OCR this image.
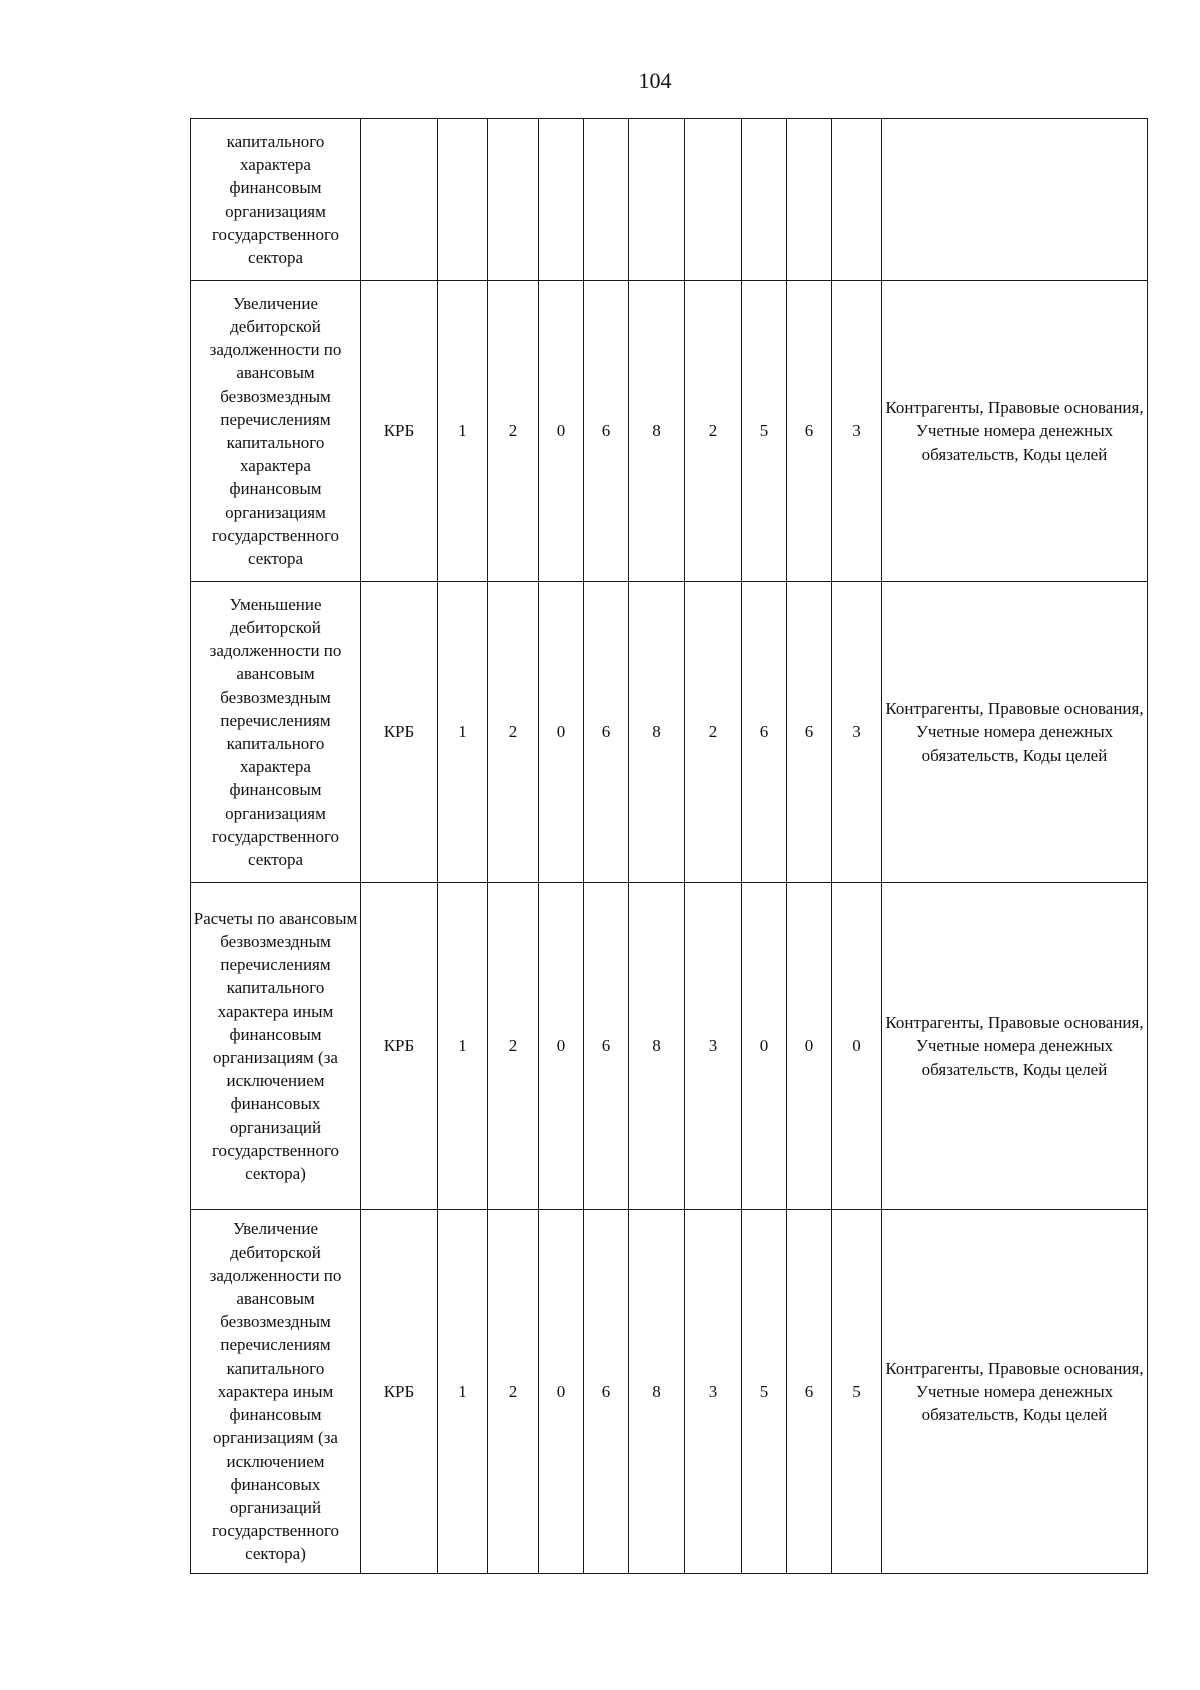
104
капитального характера финансовым организациям государственного сектора											
Увеличение дебиторской задолженности по авансовым безвозмездным перечислениям капитального характера финансовым организациям государственного сектора	КРБ	1	2	0	6	8	2	5	6	3	Контрагенты, Правовые основания, Учетные номера денежных обязательств, Коды целей
Уменьшение дебиторской задолженности по авансовым безвозмездным перечислениям капитального характера финансовым организациям государственного сектора	КРБ	1	2	0	6	8	2	6	6	3	Контрагенты, Правовые основания, Учетные номера денежных обязательств, Коды целей
Расчеты по авансовым безвозмездным перечислениям капитального характера иным финансовым организациям (за исключением финансовых организаций государственного сектора)	КРБ	1	2	0	6	8	3	0	0	0	Контрагенты, Правовые основания, Учетные номера денежных обязательств, Коды целей
Увеличение дебиторской задолженности по авансовым безвозмездным перечислениям капитального характера иным финансовым организациям (за исключением финансовых организаций государственного сектора)	КРБ	1	2	0	6	8	3	5	6	5	Контрагенты, Правовые основания, Учетные номера денежных обязательств, Коды целей
